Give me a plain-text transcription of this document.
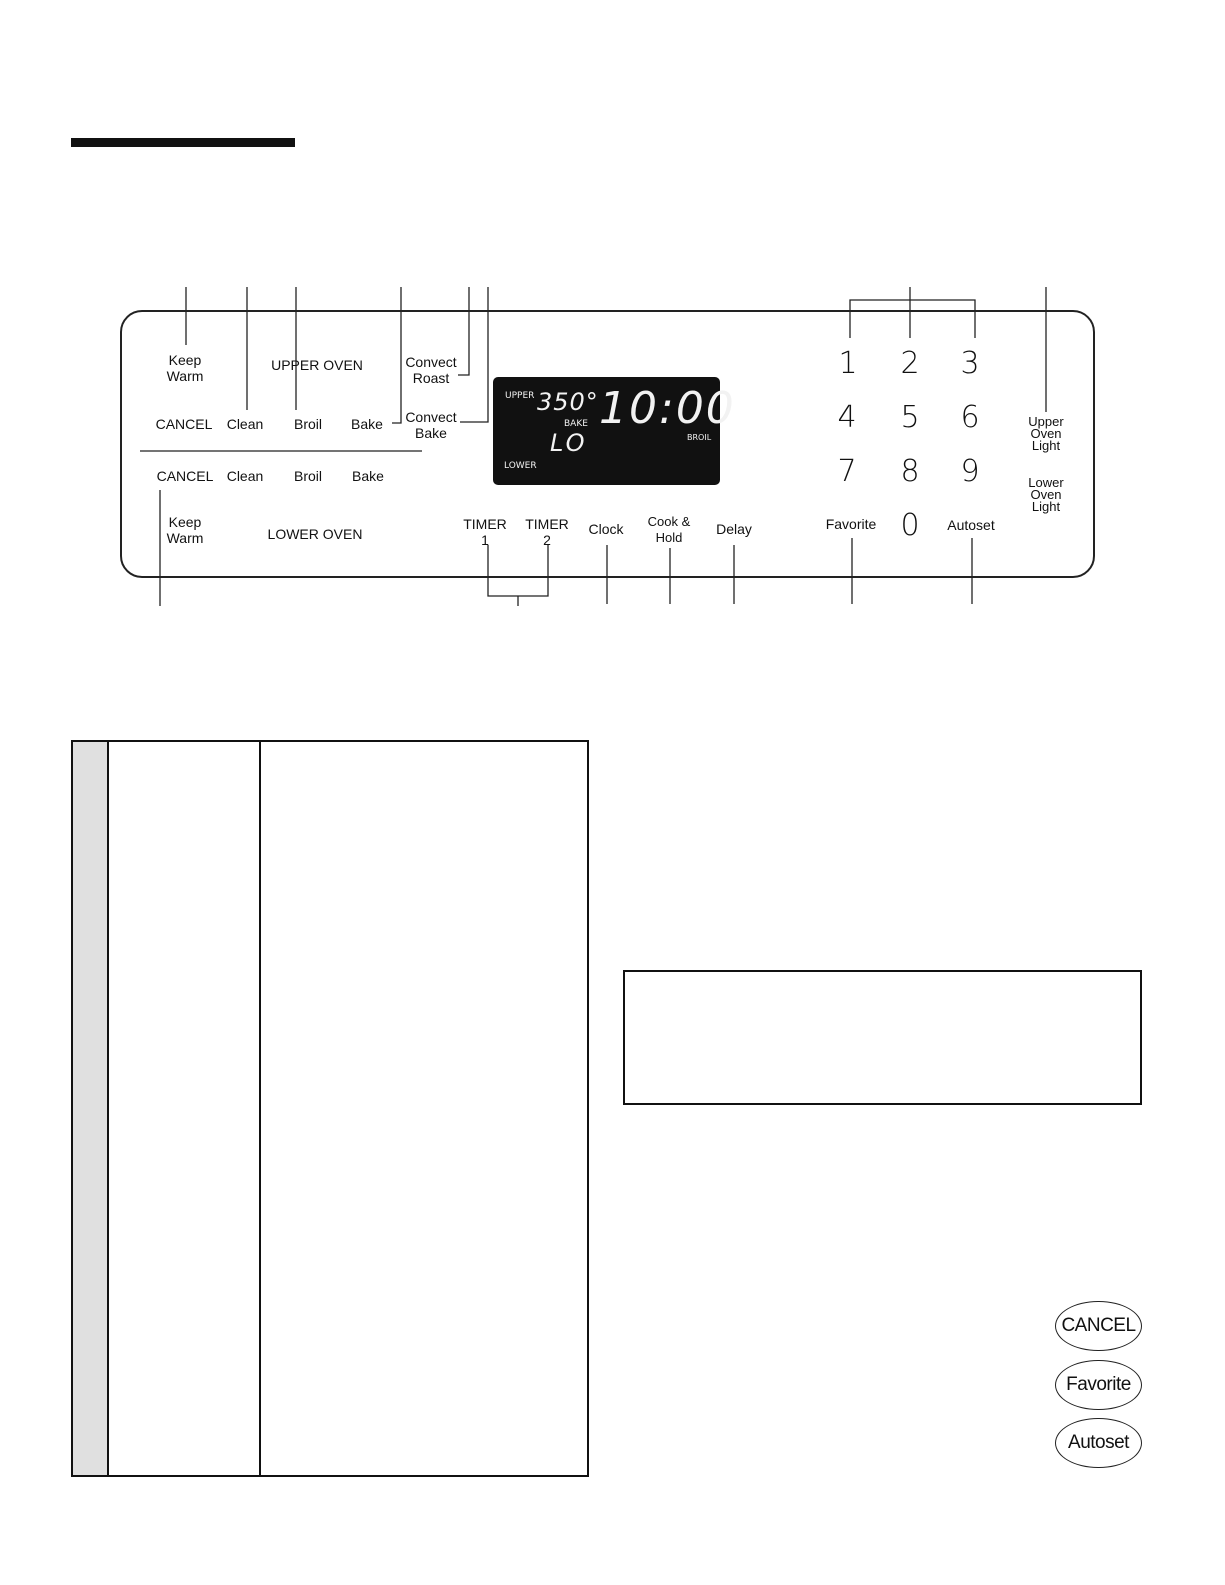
Keep Warm
UPPER OVEN	Convect Roast
CANCEL Clean Broil Bake	Convect Bake
CANCEL Clean Broil Bake
Keep Warm	LOWER OVEN
UPPER 350° 10:00
BAKE
LO	BROIL
LOWER
TIMER 1
TIMER 2
Clock	Cook & Hold
Delay	Favorite	Autoset
Upper Oven Light
Lower Oven Light
1 2 3
4 5 6
7 8 9
0
CANCEL
Favorite
Autoset
